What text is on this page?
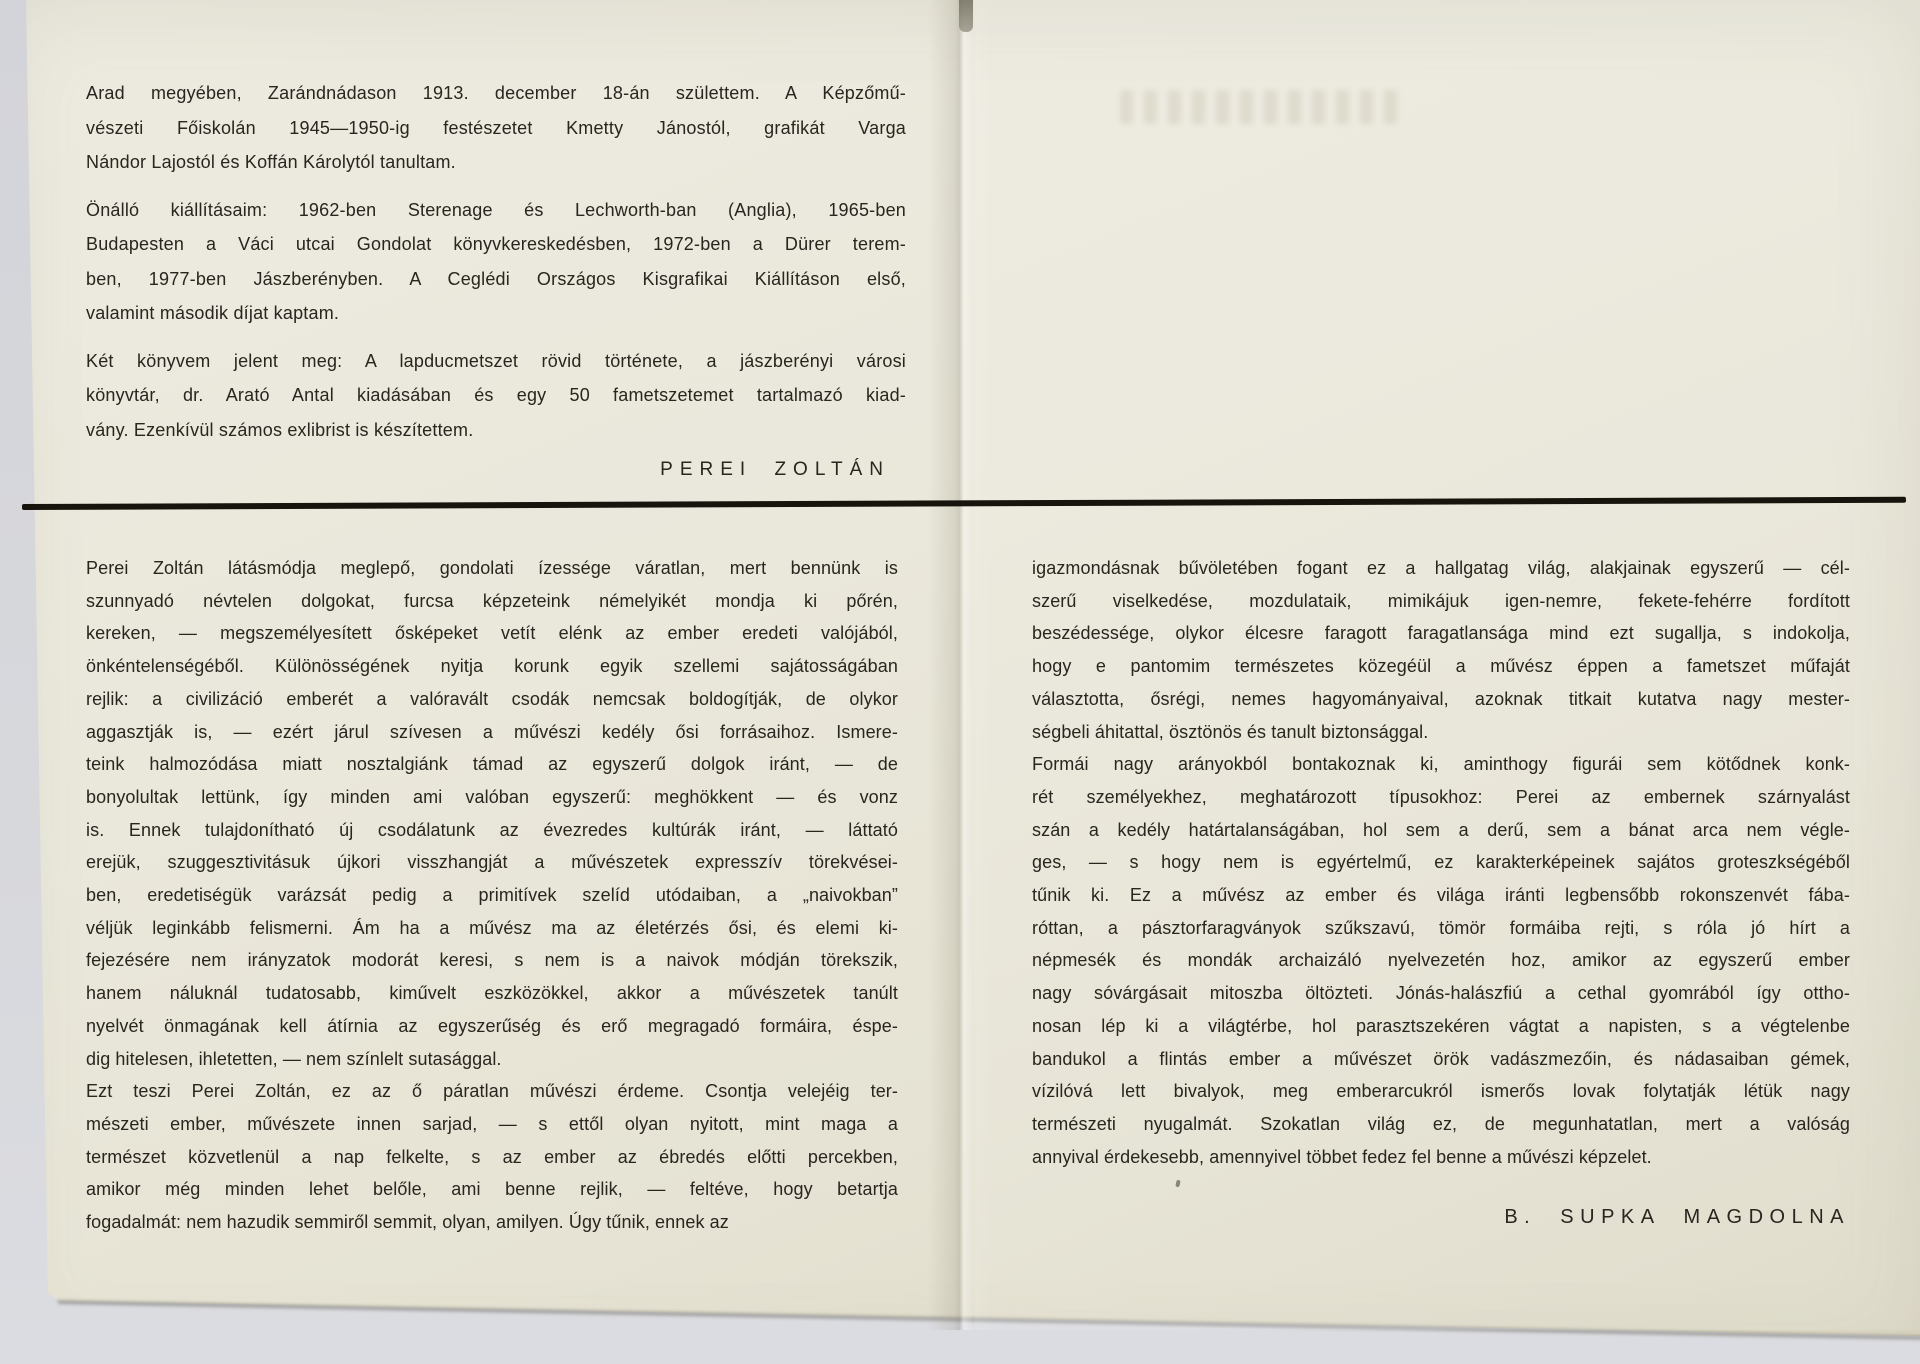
Arad megyében, Zarándnádason 1913. december 18-án születtem. A Képzőmű-
vészeti Főiskolán 1945—1950-ig festészetet Kmetty Jánostól, grafikát Varga
Nándor Lajostól és Koffán Károlytól tanultam.
Önálló kiállításaim: 1962-ben Sterenage és Lechworth-ban (Anglia), 1965-ben
Budapesten a Váci utcai Gondolat könyvkereskedésben, 1972-ben a Dürer terem-
ben, 1977-ben Jászberényben. A Ceglédi Országos Kisgrafikai Kiállításon első,
valamint második díjat kaptam.
Két könyvem jelent meg: A lapducmetszet rövid története, a jászberényi városi
könyvtár, dr. Arató Antal kiadásában és egy 50 fametszetemet tartalmazó kiad-
vány. Ezenkívül számos exlibrist is készítettem.
PEREI ZOLTÁN
Perei Zoltán látásmódja meglepő, gondolati ízessége váratlan, mert bennünk is
szunnyadó névtelen dolgokat, furcsa képzeteink némelyikét mondja ki pőrén,
kereken, — megszemélyesített ősképeket vetít elénk az ember eredeti valójából,
önkéntelenségéből. Különösségének nyitja korunk egyik szellemi sajátosságában
rejlik: a civilizáció emberét a valóravált csodák nemcsak boldogítják, de olykor
aggasztják is, — ezért járul szívesen a művészi kedély ősi forrásaihoz. Ismere-
teink halmozódása miatt nosztalgiánk támad az egyszerű dolgok iránt, — de
bonyolultak lettünk, így minden ami valóban egyszerű: meghökkent — és vonz
is. Ennek tulajdonítható új csodálatunk az évezredes kultúrák iránt, — láttató
erejük, szuggesztivitásuk újkori visszhangját a művészetek expresszív törekvései-
ben, eredetiségük varázsát pedig a primitívek szelíd utódaiban, a „naivokban”
véljük leginkább felismerni. Ám ha a művész ma az életérzés ősi, és elemi ki-
fejezésére nem irányzatok modorát keresi, s nem is a naivok módján törekszik,
hanem náluknál tudatosabb, kiművelt eszközökkel, akkor a művészetek tanúlt
nyelvét önmagának kell átírnia az egyszerűség és erő megragadó formáira, éspe-
dig hitelesen, ihletetten, — nem színlelt sutasággal.
Ezt teszi Perei Zoltán, ez az ő páratlan művészi érdeme. Csontja velejéig ter-
mészeti ember, művészete innen sarjad, — s ettől olyan nyitott, mint maga a
természet közvetlenül a nap felkelte, s az ember az ébredés előtti percekben,
amikor még minden lehet belőle, ami benne rejlik, — feltéve, hogy betartja
fogadalmát: nem hazudik semmiről semmit, olyan, amilyen. Úgy tűnik, ennek az
igazmondásnak bűvöletében fogant ez a hallgatag világ, alakjainak egyszerű — cél-
szerű viselkedése, mozdulataik, mimikájuk igen-nemre, fekete-fehérre fordított
beszédessége, olykor élcesre faragott faragatlansága mind ezt sugallja, s indokolja,
hogy e pantomim természetes közegéül a művész éppen a fametszet műfaját
választotta, ősrégi, nemes hagyományaival, azoknak titkait kutatva nagy mester-
ségbeli áhitattal, ösztönös és tanult biztonsággal.
Formái nagy arányokból bontakoznak ki, aminthogy figurái sem kötődnek konk-
rét személyekhez, meghatározott típusokhoz: Perei az embernek szárnyalást
szán a kedély határtalanságában, hol sem a derű, sem a bánat arca nem végle-
ges, — s hogy nem is egyértelmű, ez karakterképeinek sajátos groteszkségéből
tűnik ki. Ez a művész az ember és világa iránti legbensőbb rokonszenvét fába-
róttan, a pásztorfaragványok szűkszavú, tömör formáiba rejti, s róla jó hírt a
népmesék és mondák archaizáló nyelvezetén hoz, amikor az egyszerű ember
nagy sóvárgásait mitoszba öltözteti. Jónás-halászfiú a cethal gyomrából így ottho-
nosan lép ki a világtérbe, hol parasztszekéren vágtat a napisten, s a végtelenbe
bandukol a flintás ember a művészet örök vadászmezőin, és nádasaiban gémek,
vízilóvá lett bivalyok, meg emberarcukról ismerős lovak folytatják létük nagy
természeti nyugalmát. Szokatlan világ ez, de megunhatatlan, mert a valóság
annyival érdekesebb, amennyivel többet fedez fel benne a művészi képzelet.
B. SUPKA MAGDOLNA
